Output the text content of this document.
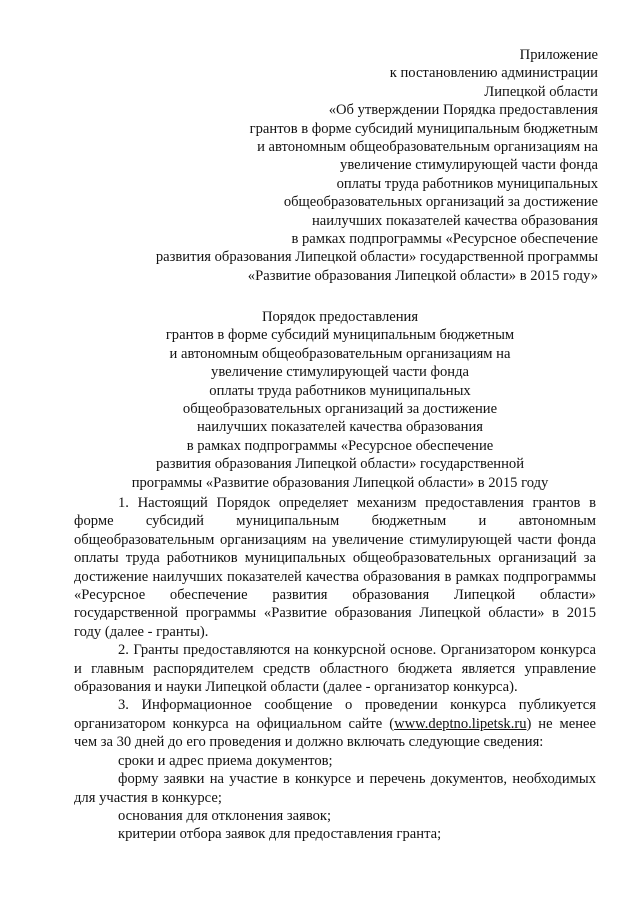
Приложение
к постановлению администрации
Липецкой области
«Об утверждении Порядка предоставления
грантов в форме субсидий муниципальным бюджетным
и автономным общеобразовательным организациям на
увеличение стимулирующей части фонда
оплаты труда работников муниципальных
общеобразовательных организаций за достижение
наилучших показателей качества образования
в рамках подпрограммы «Ресурсное обеспечение
развития образования Липецкой области» государственной программы
«Развитие образования Липецкой области» в 2015 году»
Порядок предоставления
грантов в форме субсидий муниципальным бюджетным
и автономным общеобразовательным организациям на
увеличение стимулирующей части фонда
оплаты труда работников муниципальных
общеобразовательных организаций за достижение
наилучших показателей качества образования
в рамках подпрограммы «Ресурсное обеспечение
развития образования Липецкой области» государственной
программы «Развитие образования Липецкой области» в 2015 году

1. Настоящий Порядок определяет механизм предоставления грантов в форме субсидий муниципальным бюджетным и автономным общеобразовательным организациям на увеличение стимулирующей части фонда оплаты труда работников муниципальных общеобразовательных организаций за достижение наилучших показателей качества образования в рамках подпрограммы «Ресурсное обеспечение развития образования Липецкой области» государственной программы «Развитие образования Липецкой области» в 2015 году (далее - гранты).

2. Гранты предоставляются на конкурсной основе. Организатором конкурса и главным распорядителем средств областного бюджета является управление образования и науки Липецкой области (далее - организатор конкурса).

3. Информационное сообщение о проведении конкурса публикуется организатором конкурса на официальном сайте (www.deptno.lipetsk.ru) не менее чем за 30 дней до его проведения и должно включать следующие сведения:

сроки и адрес приема документов;

форму заявки на участие в конкурсе и перечень документов, необходимых для участия в конкурсе;

основания для отклонения заявок;

критерии отбора заявок для предоставления гранта;
